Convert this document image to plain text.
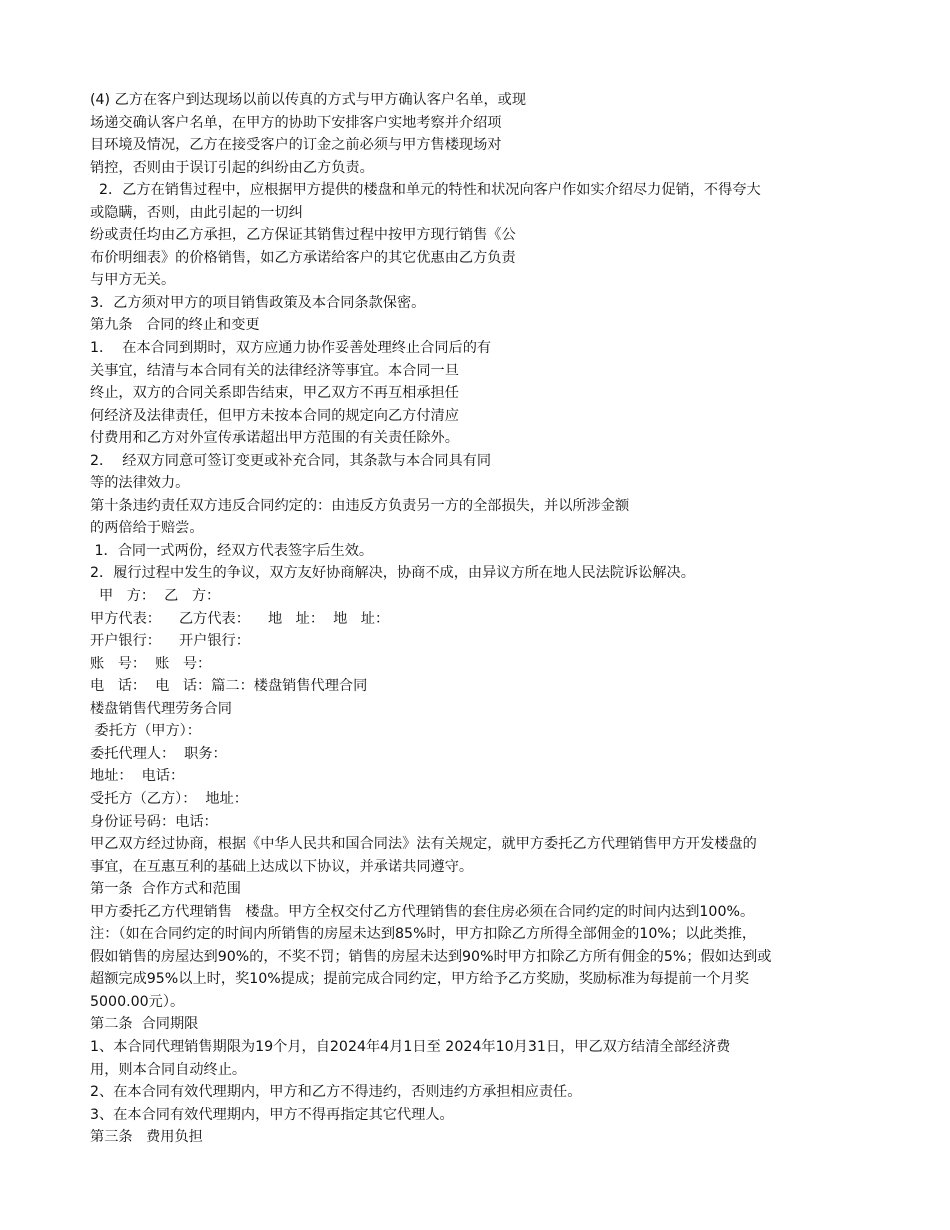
(4) 乙方在客户到达现场以前以传真的方式与甲方确认客户名单，或现
场递交确认客户名单，在甲方的协助下安排客户实地考察并介绍项
目环境及情况，乙方在接受客户的订金之前必须与甲方售楼现场对
销控，否则由于误订引起的纠纷由乙方负责。
2．乙方在销售过程中，应根据甲方提供的楼盘和单元的特性和状况向客户作如实介绍尽力促销，不得夸大
或隐瞒，否则，由此引起的一切纠
纷或责任均由乙方承担，乙方保证其销售过程中按甲方现行销售《公
布价明细表》的价格销售，如乙方承诺给客户的其它优惠由乙方负责
与甲方无关。
3．乙方须对甲方的项目销售政策及本合同条款保密。
第九条   合同的终止和变更
1．  在本合同到期时，双方应通力协作妥善处理终止合同后的有
关事宜，结清与本合同有关的法律经济等事宜。本合同一旦
终止，双方的合同关系即告结束，甲乙双方不再互相承担任
何经济及法律责任，但甲方未按本合同的规定向乙方付清应
付费用和乙方对外宣传承诺超出甲方范围的有关责任除外。
2．  经双方同意可签订变更或补充合同，其条款与本合同具有同
等的法律效力。
第十条违约责任双方违反合同约定的：由违反方负责另一方的全部损失，并以所涉金额
的两倍给于赔尝。
1．合同一式两份，经双方代表签字后生效。
2．履行过程中发生的争议，双方友好协商解决，协商不成，由异议方所在地人民法院诉讼解决。
甲   方：  乙   方：
甲方代表：    乙方代表：    地   址：  地   址：
开户银行：    开户银行：
账   号：  账   号：
电   话：  电   话：篇二：楼盘销售代理合同
楼盘销售代理劳务合同
委托方（甲方）：
委托代理人：  职务：
地址：  电话：
受托方（乙方）：  地址：
身份证号码：电话：
甲乙双方经过协商，根据《中华人民共和国合同法》法有关规定，就甲方委托乙方代理销售甲方开发楼盘的
事宜，在互惠互利的基础上达成以下协议，并承诺共同遵守。
第一条  合作方式和范围
甲方委托乙方代理销售   楼盘。甲方全权交付乙方代理销售的套住房必须在合同约定的时间内达到100%。
注：（如在合同约定的时间内所销售的房屋未达到85%时，甲方扣除乙方所得全部佣金的10%；以此类推，
假如销售的房屋达到90%的，不奖不罚；销售的房屋未达到90%时甲方扣除乙方所有佣金的5%；假如达到或
超额完成95%以上时，奖10%提成；提前完成合同约定，甲方给予乙方奖励，奖励标准为每提前一个月奖
5000.00元）。
第二条  合同期限
1、本合同代理销售期限为19个月，自2024年4月1日至 2024年10月31日，甲乙双方结清全部经济费
用，则本合同自动终止。
2、在本合同有效代理期内，甲方和乙方不得违约，否则违约方承担相应责任。
3、在本合同有效代理期内，甲方不得再指定其它代理人。
第三条   费用负担
